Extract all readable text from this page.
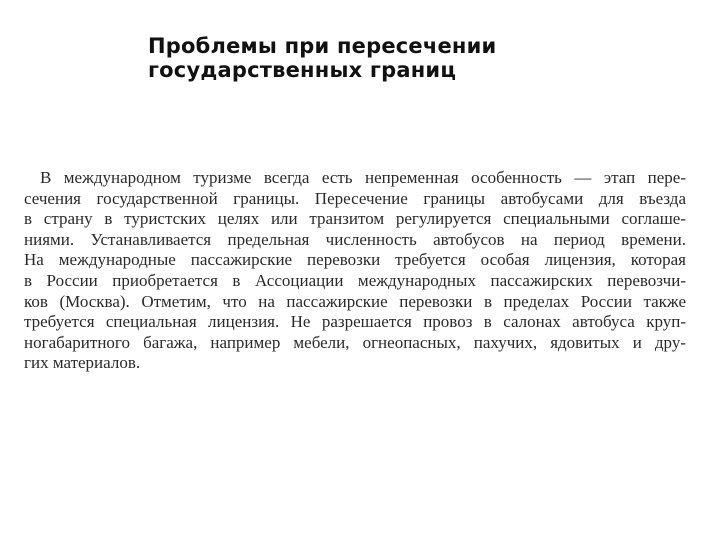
Проблемы при пересечении
государственных границ
В международном туризме всегда есть непременная особенность — этап пере-
сечения государственной границы. Пересечение границы автобусами для въезда
в страну в туристских целях или транзитом регулируется специальными соглаше-
ниями. Устанавливается предельная численность автобусов на период времени.
На международные пассажирские перевозки требуется особая лицензия, которая
в России приобретается в Ассоциации международных пассажирских перевозчи-
ков (Москва). Отметим, что на пассажирские перевозки в пределах России также
требуется специальная лицензия. Не разрешается провоз в салонах автобуса круп-
ногабаритного багажа, например мебели, огнеопасных, пахучих, ядовитых и дру-
гих материалов.
